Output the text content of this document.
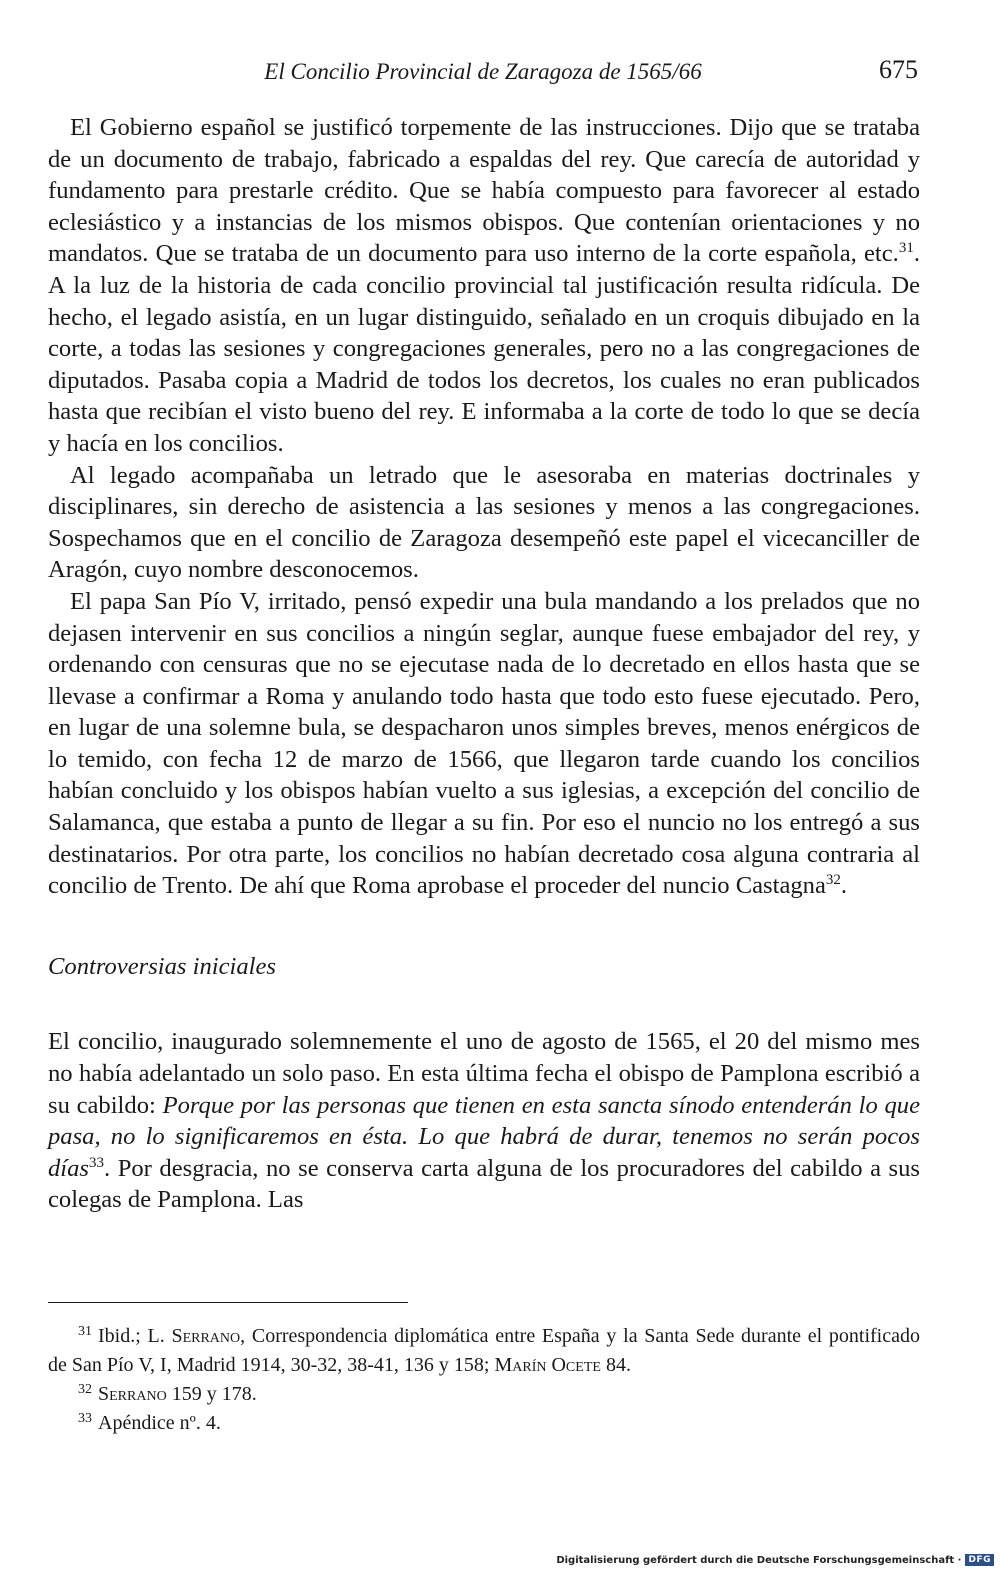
El Concilio Provincial de Zaragoza de 1565/66	675

El Gobierno español se justificó torpemente de las instrucciones. Dijo que se trataba de un documento de trabajo, fabricado a espaldas del rey. Que carecía de autoridad y fundamento para prestarle crédito. Que se había compuesto para favorecer al estado eclesiástico y a instancias de los mismos obispos. Que contenían orientaciones y no mandatos. Que se trataba de un documento para uso interno de la corte española, etc.$^{31}$. A la luz de la historia de cada concilio provincial tal justificación resulta ridícula. De hecho, el legado asistía, en un lugar distinguido, señalado en un croquis dibujado en la corte, a todas las sesiones y congregaciones generales, pero no a las congregaciones de diputados. Pasaba copia a Madrid de todos los decretos, los cuales no eran publicados hasta que recibían el visto bueno del rey. E informaba a la corte de todo lo que se decía y hacía en los concilios.

Al legado acompañaba un letrado que le asesoraba en materias doctrinales y disciplinares, sin derecho de asistencia a las sesiones y menos a las congregaciones. Sospechamos que en el concilio de Zaragoza desempeñó este papel el vicecanciller de Aragón, cuyo nombre desconocemos.

El papa San Pío V, irritado, pensó expedir una bula mandando a los prelados que no dejasen intervenir en sus concilios a ningún seglar, aunque fuese embajador del rey, y ordenando con censuras que no se ejecutase nada de lo decretado en ellos hasta que se llevase a confirmar a Roma y anulando todo hasta que todo esto fuese ejecutado. Pero, en lugar de una solemne bula, se despacharon unos simples breves, menos enérgicos de lo temido, con fecha 12 de marzo de 1566, que llegaron tarde cuando los concilios habían concluido y los obispos habían vuelto a sus iglesias, a excepción del concilio de Salamanca, que estaba a punto de llegar a su fin. Por eso el nuncio no los entregó a sus destinatarios. Por otra parte, los concilios no habían decretado cosa alguna contraria al concilio de Trento. De ahí que Roma aprobase el proceder del nuncio Castagna$^{32}$.

Controversias iniciales

El concilio, inaugurado solemnemente el uno de agosto de 1565, el 20 del mismo mes no había adelantado un solo paso. En esta última fecha el obispo de Pamplona escribió a su cabildo: Porque por las personas que tienen en esta sancta sínodo entenderán lo que pasa, no lo significaremos en ésta. Lo que habrá de durar, tenemos no serán pocos días$^{33}$. Por desgracia, no se conserva carta alguna de los procuradores del cabildo a sus colegas de Pamplona. Las

$^{31}$ Ibid.; L. Serrano, Correspondencia diplomática entre España y la Santa Sede durante el pontificado de San Pío V, I, Madrid 1914, 30-32, 38-41, 136 y 158; Marín Ocete 84.

$^{32}$ Serrano 159 y 178.

$^{33}$ Apéndice nº. 4.

Digitalisierung gefördert durch die Deutsche Forschungsgemeinschaft · DFG
